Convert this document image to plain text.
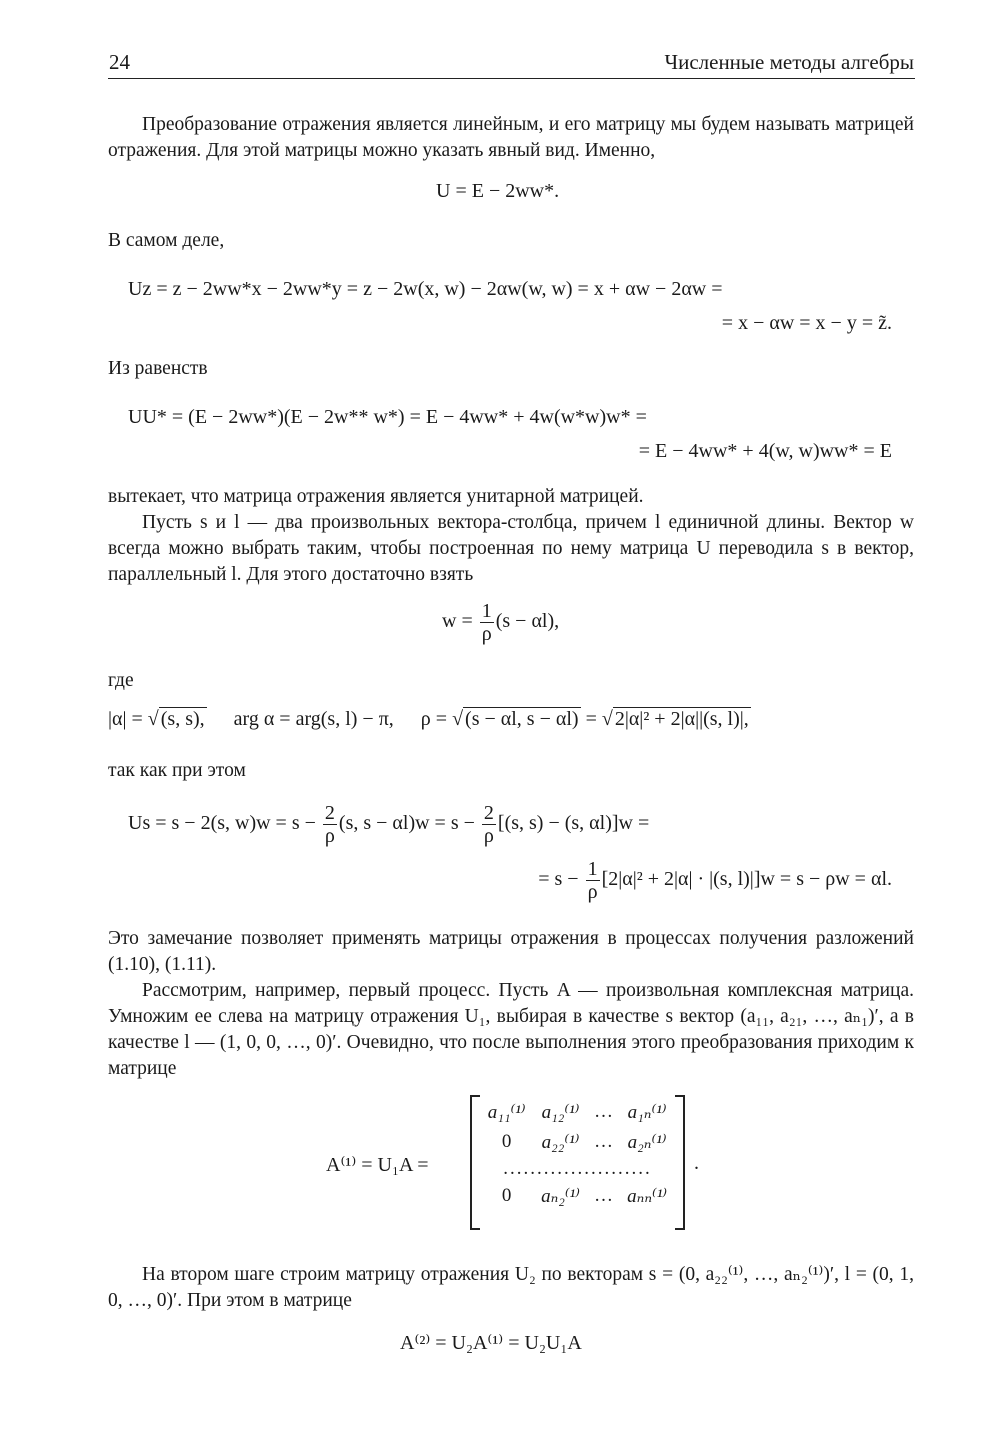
24	Численные методы алгебры
Преобразование отражения является линейным, и его матрицу мы будем называть матрицей отражения. Для этой матрицы можно указать явный вид. Именно,
U = E − 2ww*.
В самом деле,
Uz = z − 2ww*x − 2ww*y = z − 2w(x, w) − 2αw(w, w) = x + αw − 2αw =
= x − αw = x − y = z̃.
Из равенств
UU* = (E − 2ww*)(E − 2w** w*) = E − 4ww* + 4w(w*w)w* =
= E − 4ww* + 4(w, w)ww* = E
вытекает, что матрица отражения является унитарной матрицей.
Пусть s и l — два произвольных вектора-столбца, причем l единичной длины. Вектор w всегда можно выбрать таким, чтобы построенная по нему матрица U переводила s в вектор, параллельный l. Для этого достаточно взять
$w = \frac{1}{\rho} (s - \alpha l)$,
где
|α| = √ (s, s), arg α = arg(s, l) − π, ρ = √ (s − αl, s − αl) = √ 2|α|² + 2|α||(s, l)|,
так как при этом
Us = s − 2(s, $w)w = s - \frac{2}{\rho} (s$, $s - \alpha l)w = s - \frac{2}{\rho} [(s$, s) − (s, αl)]w =
= $s - \frac{1}{\rho} [2|\alpha|^2 + 2|\alpha| \cdot |(s$, l)|]w = s − ρw = αl.
Это замечание позволяет применять матрицы отражения в процессах получения разложений (1.10), (1.11).
Рассмотрим, например, первый процесс. Пусть A — произвольная комплексная матрица. Умножим ее слева на матрицу отражения U₁, выбирая в качестве s вектор (a₁₁, a₂₁, …, aₙ₁)′, а в качестве l — (1, 0, 0, …, 0)′. Очевидно, что после выполнения этого преобразования приходим к матрице
A⁽¹⁾ = U₁A =
a₁₁⁽¹⁾	a₁₂⁽¹⁾	…	a₁ₙ⁽¹⁾
0	a₂₂⁽¹⁾	…	a₂ₙ⁽¹⁾
......................			
0	aₙ₂⁽¹⁾	…	aₙₙ⁽¹⁾
.
На втором шаге строим матрицу отражения U₂ по векторам s = (0, a₂₂⁽¹⁾, …, aₙ₂⁽¹⁾)′, l = (0, 1, 0, …, 0)′. При этом в матрице
A⁽²⁾ = U₂A⁽¹⁾ = U₂U₁A
